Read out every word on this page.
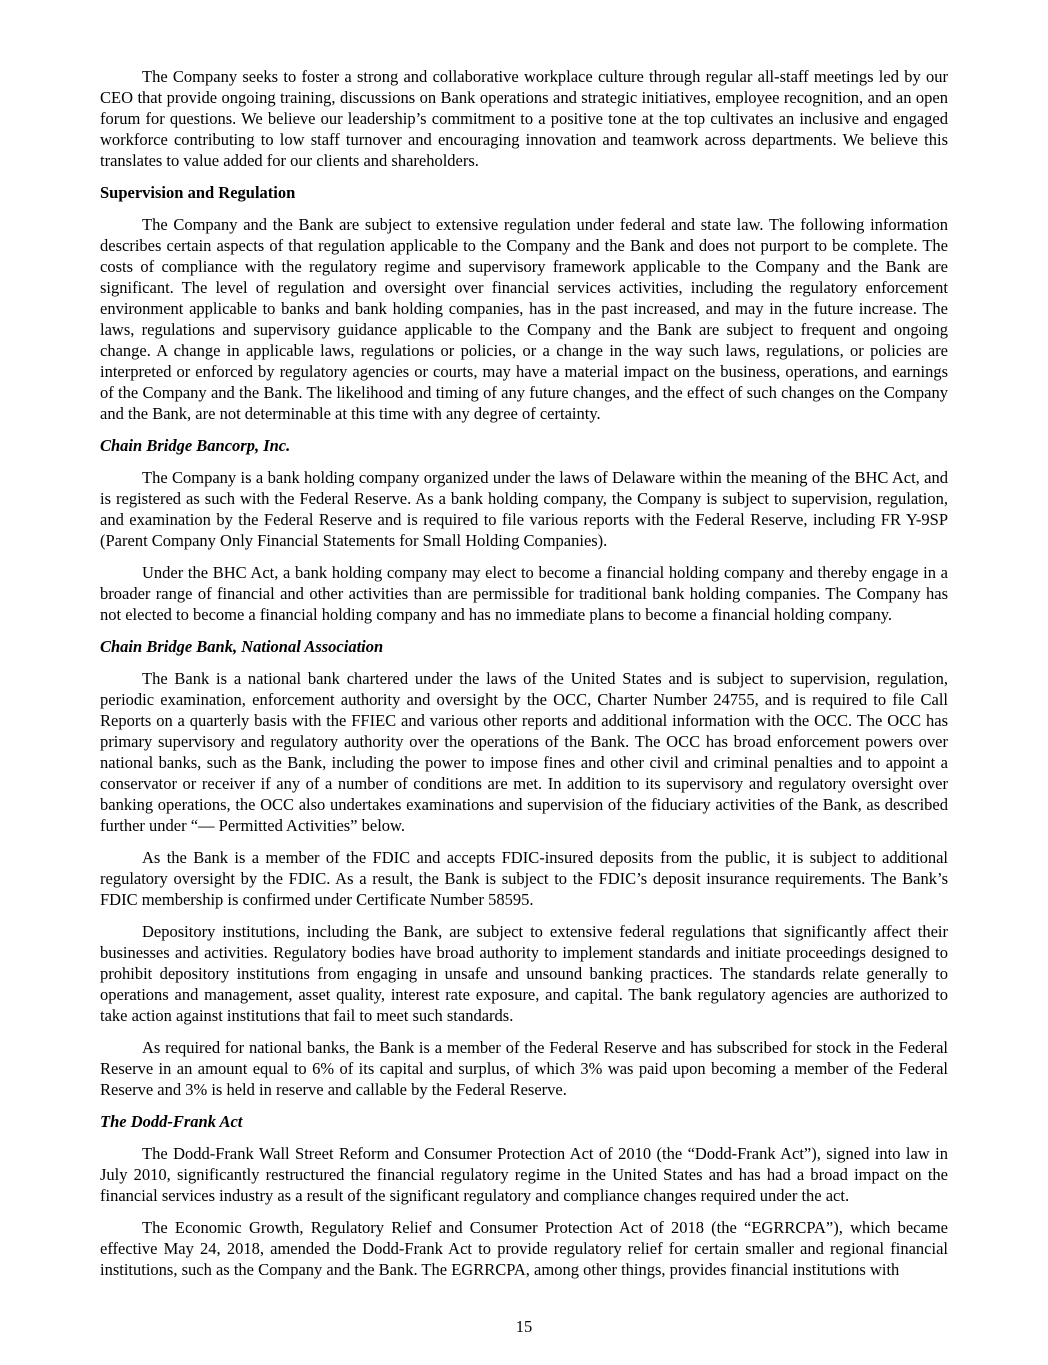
The Company seeks to foster a strong and collaborative workplace culture through regular all-staff meetings led by our CEO that provide ongoing training, discussions on Bank operations and strategic initiatives, employee recognition, and an open forum for questions. We believe our leadership’s commitment to a positive tone at the top cultivates an inclusive and engaged workforce contributing to low staff turnover and encouraging innovation and teamwork across departments. We believe this translates to value added for our clients and shareholders.

Supervision and Regulation

The Company and the Bank are subject to extensive regulation under federal and state law. The following information describes certain aspects of that regulation applicable to the Company and the Bank and does not purport to be complete. The costs of compliance with the regulatory regime and supervisory framework applicable to the Company and the Bank are significant. The level of regulation and oversight over financial services activities, including the regulatory enforcement environment applicable to banks and bank holding companies, has in the past increased, and may in the future increase. The laws, regulations and supervisory guidance applicable to the Company and the Bank are subject to frequent and ongoing change. A change in applicable laws, regulations or policies, or a change in the way such laws, regulations, or policies are interpreted or enforced by regulatory agencies or courts, may have a material impact on the business, operations, and earnings of the Company and the Bank. The likelihood and timing of any future changes, and the effect of such changes on the Company and the Bank, are not determinable at this time with any degree of certainty.

Chain Bridge Bancorp, Inc.

The Company is a bank holding company organized under the laws of Delaware within the meaning of the BHC Act, and is registered as such with the Federal Reserve. As a bank holding company, the Company is subject to supervision, regulation, and examination by the Federal Reserve and is required to file various reports with the Federal Reserve, including FR Y-9SP (Parent Company Only Financial Statements for Small Holding Companies).

Under the BHC Act, a bank holding company may elect to become a financial holding company and thereby engage in a broader range of financial and other activities than are permissible for traditional bank holding companies. The Company has not elected to become a financial holding company and has no immediate plans to become a financial holding company.

Chain Bridge Bank, National Association

The Bank is a national bank chartered under the laws of the United States and is subject to supervision, regulation, periodic examination, enforcement authority and oversight by the OCC, Charter Number 24755, and is required to file Call Reports on a quarterly basis with the FFIEC and various other reports and additional information with the OCC. The OCC has primary supervisory and regulatory authority over the operations of the Bank. The OCC has broad enforcement powers over national banks, such as the Bank, including the power to impose fines and other civil and criminal penalties and to appoint a conservator or receiver if any of a number of conditions are met. In addition to its supervisory and regulatory oversight over banking operations, the OCC also undertakes examinations and supervision of the fiduciary activities of the Bank, as described further under “— Permitted Activities” below.

As the Bank is a member of the FDIC and accepts FDIC-insured deposits from the public, it is subject to additional regulatory oversight by the FDIC. As a result, the Bank is subject to the FDIC’s deposit insurance requirements. The Bank’s FDIC membership is confirmed under Certificate Number 58595.

Depository institutions, including the Bank, are subject to extensive federal regulations that significantly affect their businesses and activities. Regulatory bodies have broad authority to implement standards and initiate proceedings designed to prohibit depository institutions from engaging in unsafe and unsound banking practices. The standards relate generally to operations and management, asset quality, interest rate exposure, and capital. The bank regulatory agencies are authorized to take action against institutions that fail to meet such standards.

As required for national banks, the Bank is a member of the Federal Reserve and has subscribed for stock in the Federal Reserve in an amount equal to 6% of its capital and surplus, of which 3% was paid upon becoming a member of the Federal Reserve and 3% is held in reserve and callable by the Federal Reserve.

The Dodd-Frank Act

The Dodd-Frank Wall Street Reform and Consumer Protection Act of 2010 (the “Dodd-Frank Act”), signed into law in July 2010, significantly restructured the financial regulatory regime in the United States and has had a broad impact on the financial services industry as a result of the significant regulatory and compliance changes required under the act.

The Economic Growth, Regulatory Relief and Consumer Protection Act of 2018 (the “EGRRCPA”), which became effective May 24, 2018, amended the Dodd-Frank Act to provide regulatory relief for certain smaller and regional financial institutions, such as the Company and the Bank. The EGRRCPA, among other things, provides financial institutions with

15
